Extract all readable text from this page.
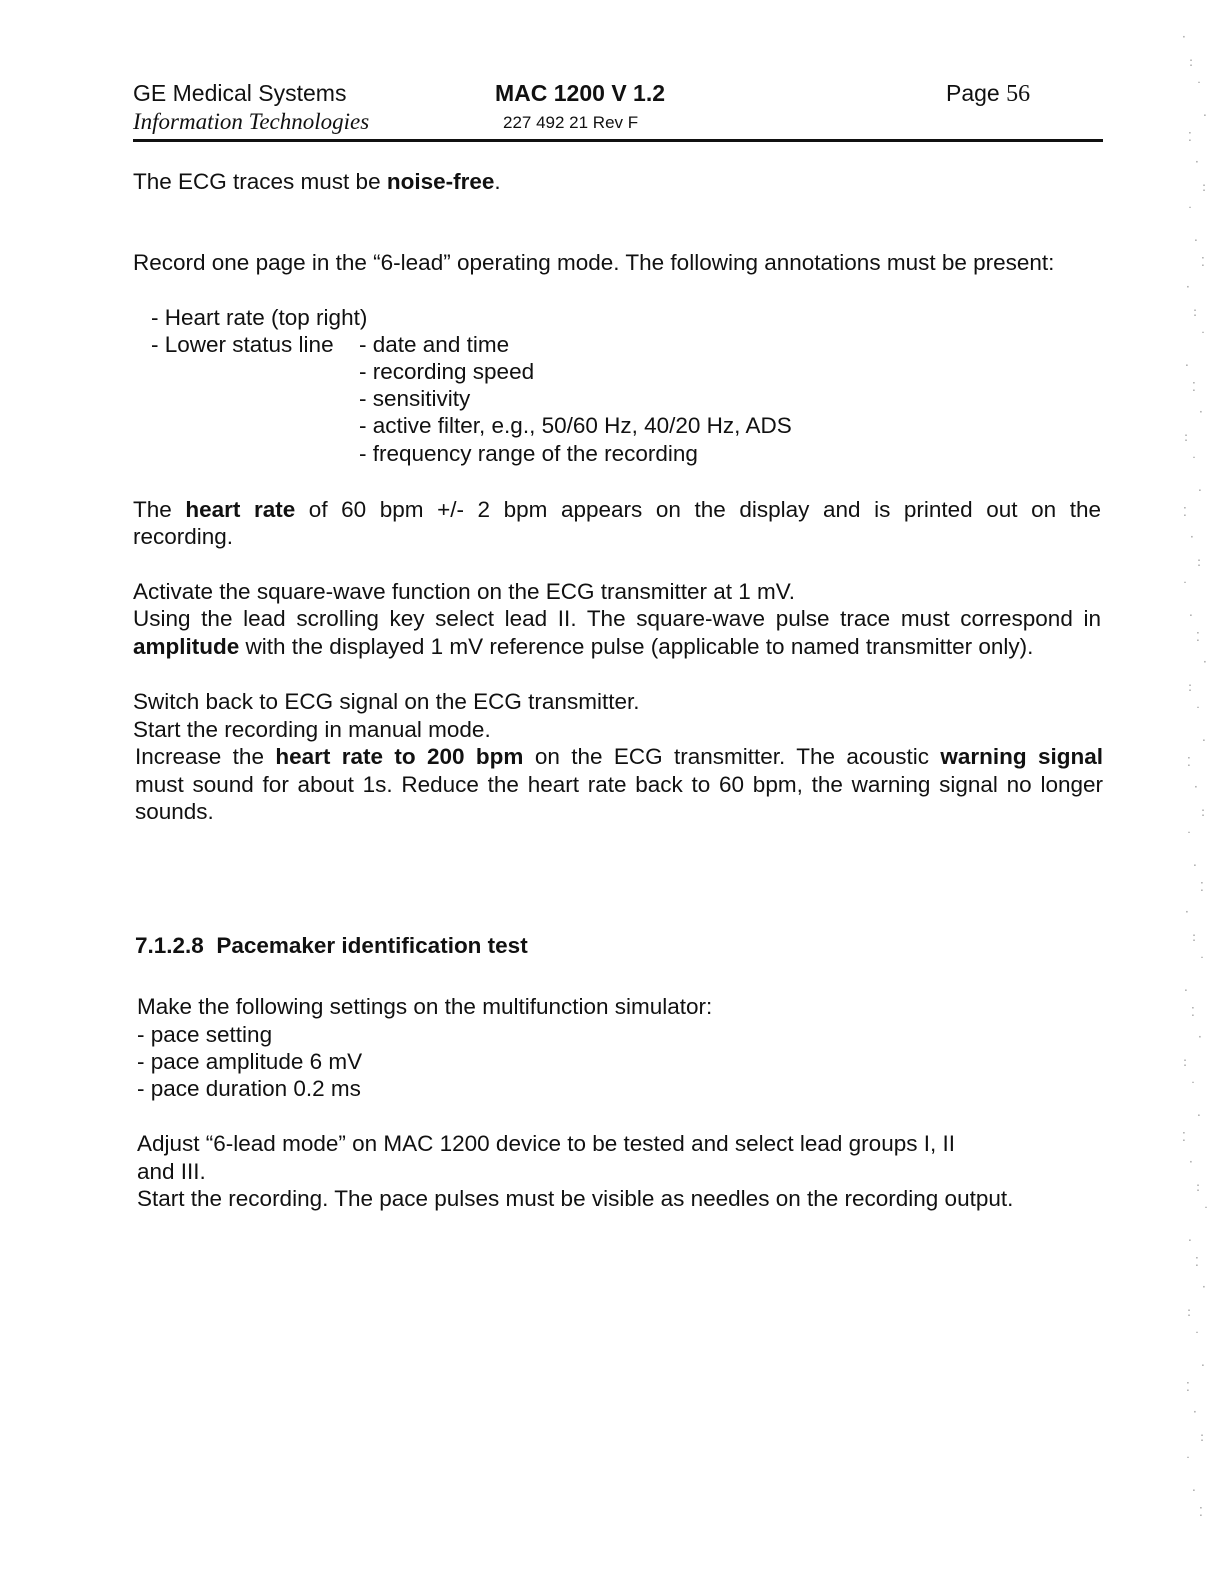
GE Medical Systems
Information Technologies
MAC 1200 V 1.2
227 492 21 Rev F
Page 56
The ECG traces must be noise-free.
Record one page in the “6-lead” operating mode. The following annotations must be present:
- Heart rate (top right)
- Lower status line - date and time
- recording speed
- sensitivity
- active filter, e.g., 50/60 Hz, 40/20 Hz, ADS
- frequency range of the recording
The heart rate of 60 bpm +/- 2 bpm appears on the display and is printed out on the
recording.
Activate the square-wave function on the ECG transmitter at 1 mV.
Using the lead scrolling key select lead II. The square-wave pulse trace must correspond in
amplitude with the displayed 1 mV reference pulse (applicable to named transmitter only).
Switch back to ECG signal on the ECG transmitter.
Start the recording in manual mode.
Increase the heart rate to 200 bpm on the ECG transmitter. The acoustic warning signal
must sound for about 1s. Reduce the heart rate back to 60 bpm, the warning signal no longer
sounds.
7.1.2.8 Pacemaker identification test
Make the following settings on the multifunction simulator:
- pace setting
- pace amplitude 6 mV
- pace duration 0.2 ms
Adjust “6-lead mode” on MAC 1200 device to be tested and select lead groups I, II
and III.
Start the recording. The pace pulses must be visible as needles on the recording output.
·
:
˙
.
⁚
·
:
˙
.
⁚
·
:
˙
.
⁚
·
:
˙
.
⁚
·
:
˙
.
⁚
·
:
˙
.
⁚
·
:
˙
.
⁚
·
:
˙
.
⁚
·
:
˙
.
⁚
·
:
˙
.
⁚
·
:
˙
.
⁚
·
:
˙
.
⁚
